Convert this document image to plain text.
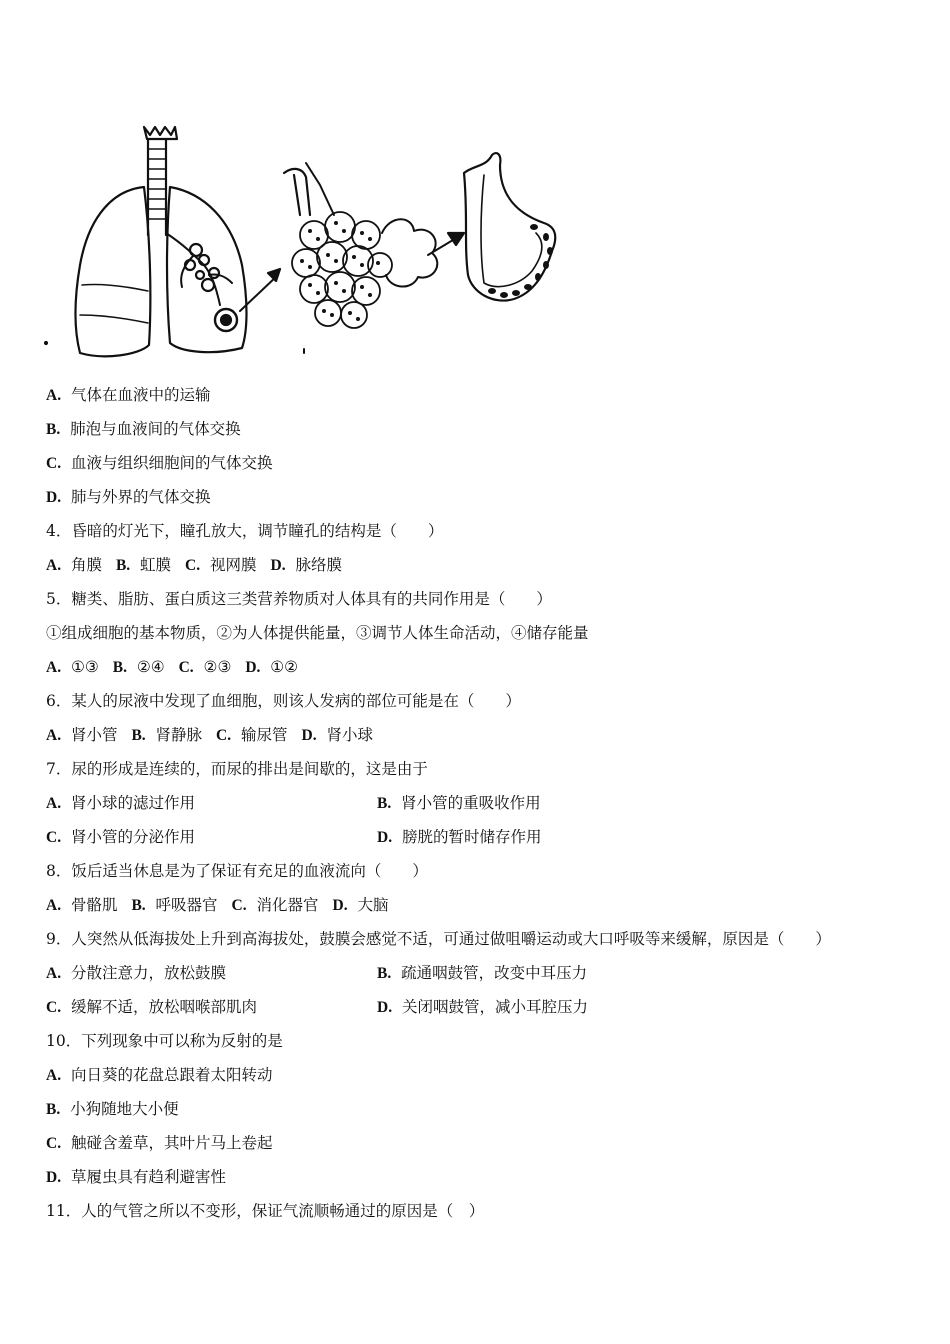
A. 气体在血液中的运输
B. 肺泡与血液间的气体交换
C. 血液与组织细胞间的气体交换
D. 肺与外界的气体交换
4．昏暗的灯光下，瞳孔放大，调节瞳孔的结构是（　　）
A. 角膜 B. 虹膜 C. 视网膜 D. 脉络膜
5．糖类、脂肪、蛋白质这三类营养物质对人体具有的共同作用是（　　）
①组成细胞的基本物质，②为人体提供能量，③调节人体生命活动，④储存能量
A. ①③ B. ②④ C. ②③ D. ①②
6．某人的尿液中发现了血细胞，则该人发病的部位可能是在（　　）
A. 肾小管 B. 肾静脉 C. 输尿管 D. 肾小球
7．尿的形成是连续的，而尿的排出是间歇的，这是由于
A. 肾小球的滤过作用	B. 肾小管的重吸收作用
C. 肾小管的分泌作用	D. 膀胱的暂时储存作用
8．饭后适当休息是为了保证有充足的血液流向（　　）
A. 骨骼肌 B. 呼吸器官 C. 消化器官 D. 大脑
9．人突然从低海拔处上升到高海拔处，鼓膜会感觉不适，可通过做咀嚼运动或大口呼吸等来缓解，原因是（　　）
A. 分散注意力，放松鼓膜	B. 疏通咽鼓管，改变中耳压力
C. 缓解不适，放松咽喉部肌肉	D. 关闭咽鼓管，减小耳腔压力
10．下列现象中可以称为反射的是
A. 向日葵的花盘总跟着太阳转动
B. 小狗随地大小便
C. 触碰含羞草，其叶片马上卷起
D. 草履虫具有趋利避害性
11．人的气管之所以不变形，保证气流顺畅通过的原因是（　）
